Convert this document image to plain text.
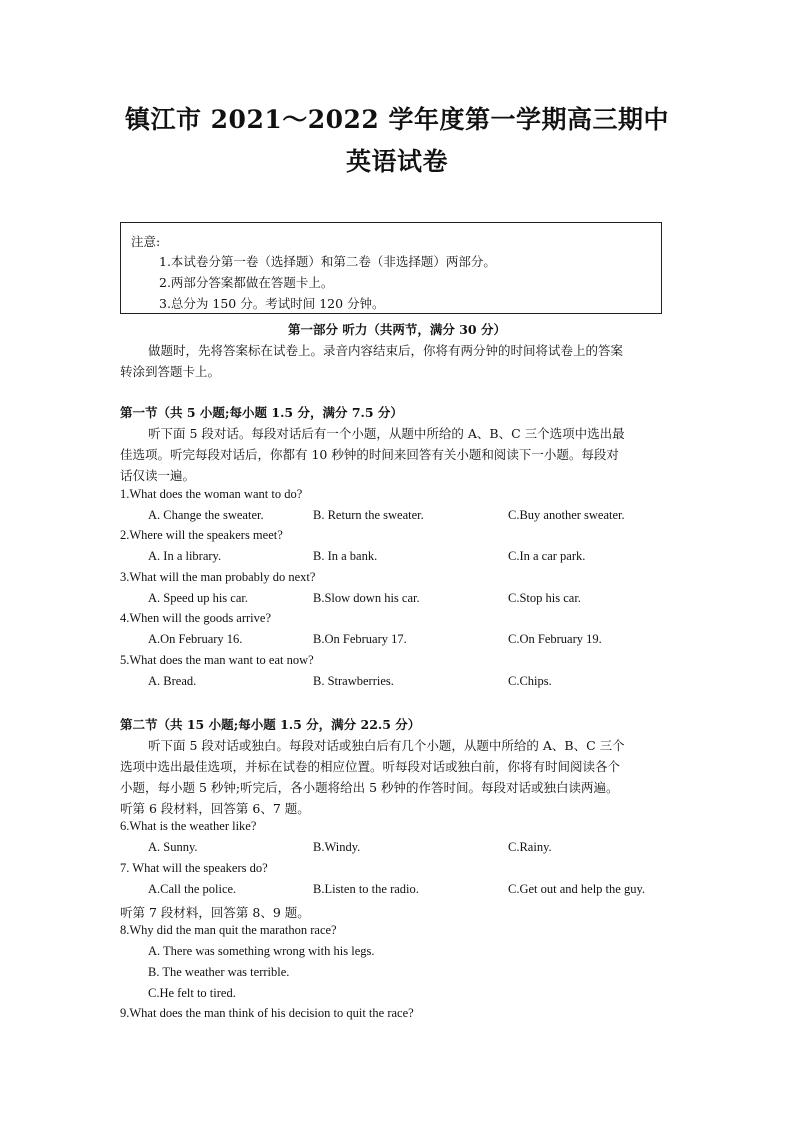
镇江市 2021～2022 学年度第一学期高三期中
英语试卷
注意:
1.本试卷分第一卷（选择题）和第二卷（非选择题）两部分。
2.两部分答案都做在答题卡上。
3.总分为 150 分。考试时间 120 分钟。
第一部分 听力（共两节，满分 30 分）
做题时，先将答案标在试卷上。录音内容结束后，你将有两分钟的时间将试卷上的答案
转涂到答题卡上。
第一节（共 5 小题;每小题 1.5 分，满分 7.5 分）
听下面 5 段对话。每段对话后有一个小题，从题中所给的 A、B、C 三个选项中选出最
佳选项。听完每段对话后，你都有 10 秒钟的时间来回答有关小题和阅读下一小题。每段对
话仅读一遍。
1.What does the woman want to do?
A. Change the sweater.	B. Return the sweater.	C.Buy another sweater.
2.Where will the speakers meet?
A. In a library.	B. In a bank.	C.In a car park.
3.What will the man probably do next?
A. Speed up his car.	B.Slow down his car.	C.Stop his car.
4.When will the goods arrive?
A.On February 16.	B.On February 17.	C.On February 19.
5.What does the man want to eat now?
A. Bread.	B. Strawberries.	C.Chips.
第二节（共 15 小题;每小题 1.5 分，满分 22.5 分）
听下面 5 段对话或独白。每段对话或独白后有几个小题，从题中所给的 A、B、C 三个
选项中选出最佳选项，并标在试卷的相应位置。听每段对话或独白前，你将有时间阅读各个
小题，每小题 5 秒钟;听完后，各小题将给出 5 秒钟的作答时间。每段对话或独白读两遍。
听第 6 段材料，回答第 6、7 题。
6.What is the weather like?
A. Sunny.	B.Windy.	C.Rainy.
7. What will the speakers do?
A.Call the police.	B.Listen to the radio.	C.Get out and help the guy.
听第 7 段材料，回答第 8、9 题。
8.Why did the man quit the marathon race?
A. There was something wrong with his legs.
B. The weather was terrible.
C.He felt to tired.
9.What does the man think of his decision to quit the race?
